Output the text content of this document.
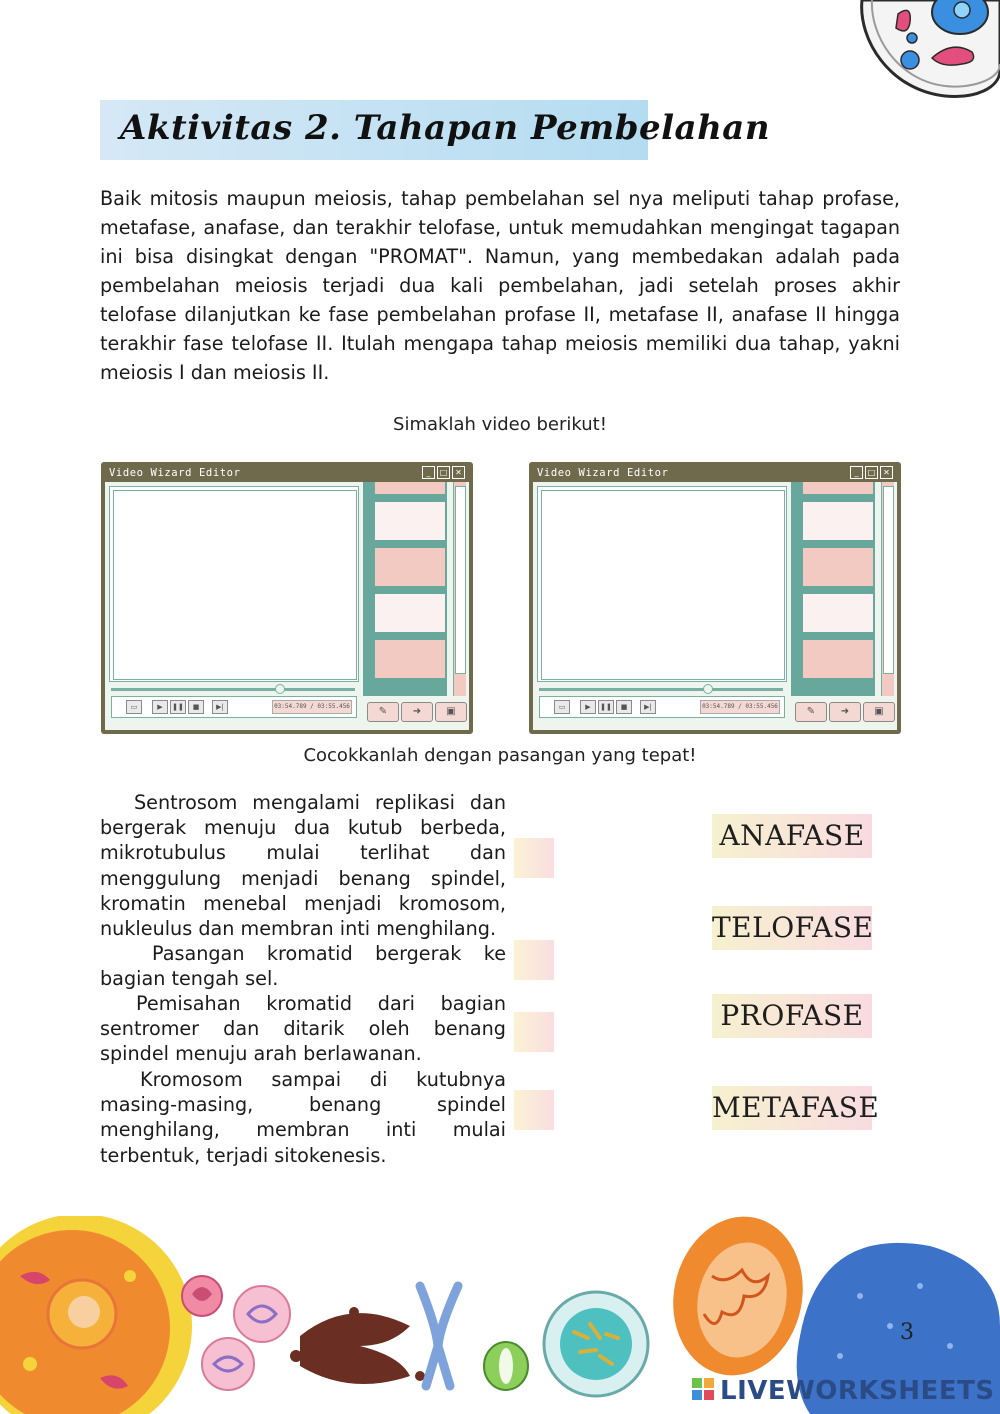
Aktivitas 2. Tahapan Pembelahan
Baik mitosis maupun meiosis, tahap pembelahan sel nya meliputi tahap profase, metafase, anafase, dan terakhir telofase, untuk memudahkan mengingat tagapan ini bisa disingkat dengan "PROMAT". Namun, yang membedakan adalah pada pembelahan meiosis terjadi dua kali pembelahan, jadi setelah proses akhir telofase dilanjutkan ke fase pembelahan profase II, metafase II, anafase II hingga terakhir fase telofase II. Itulah mengapa tahap meiosis memiliki dua tahap, yakni meiosis I dan meiosis II.
Simaklah video berikut!
Video Wizard Editor	_	□ ✕
▭	▶	❚❚	■	▶|	03:54.789 / 03:55.456	✎	➜	▣
Video Wizard Editor	_	□ ✕
▭	▶	❚❚	■	▶|	03:54.789 / 03:55.456	✎	➜	▣
Cocokkanlah dengan pasangan yang tepat!
Sentrosom mengalami replikasi dan bergerak menuju dua kutub berbeda, mikrotubulus mulai terlihat dan menggulung menjadi benang spindel, kromatin menebal menjadi kromosom, nukleulus dan membran inti menghilang.
Pasangan kromatid bergerak ke bagian tengah sel.
Pemisahan kromatid dari bagian sentromer dan ditarik oleh benang spindel menuju arah berlawanan.
Kromosom sampai di kutubnya masing-masing, benang spindel menghilang, membran inti mulai terbentuk, terjadi sitokenesis.
ANAFASE
TELOFASE
PROFASE
METAFASE
3
LIVEWORKSHEETS
